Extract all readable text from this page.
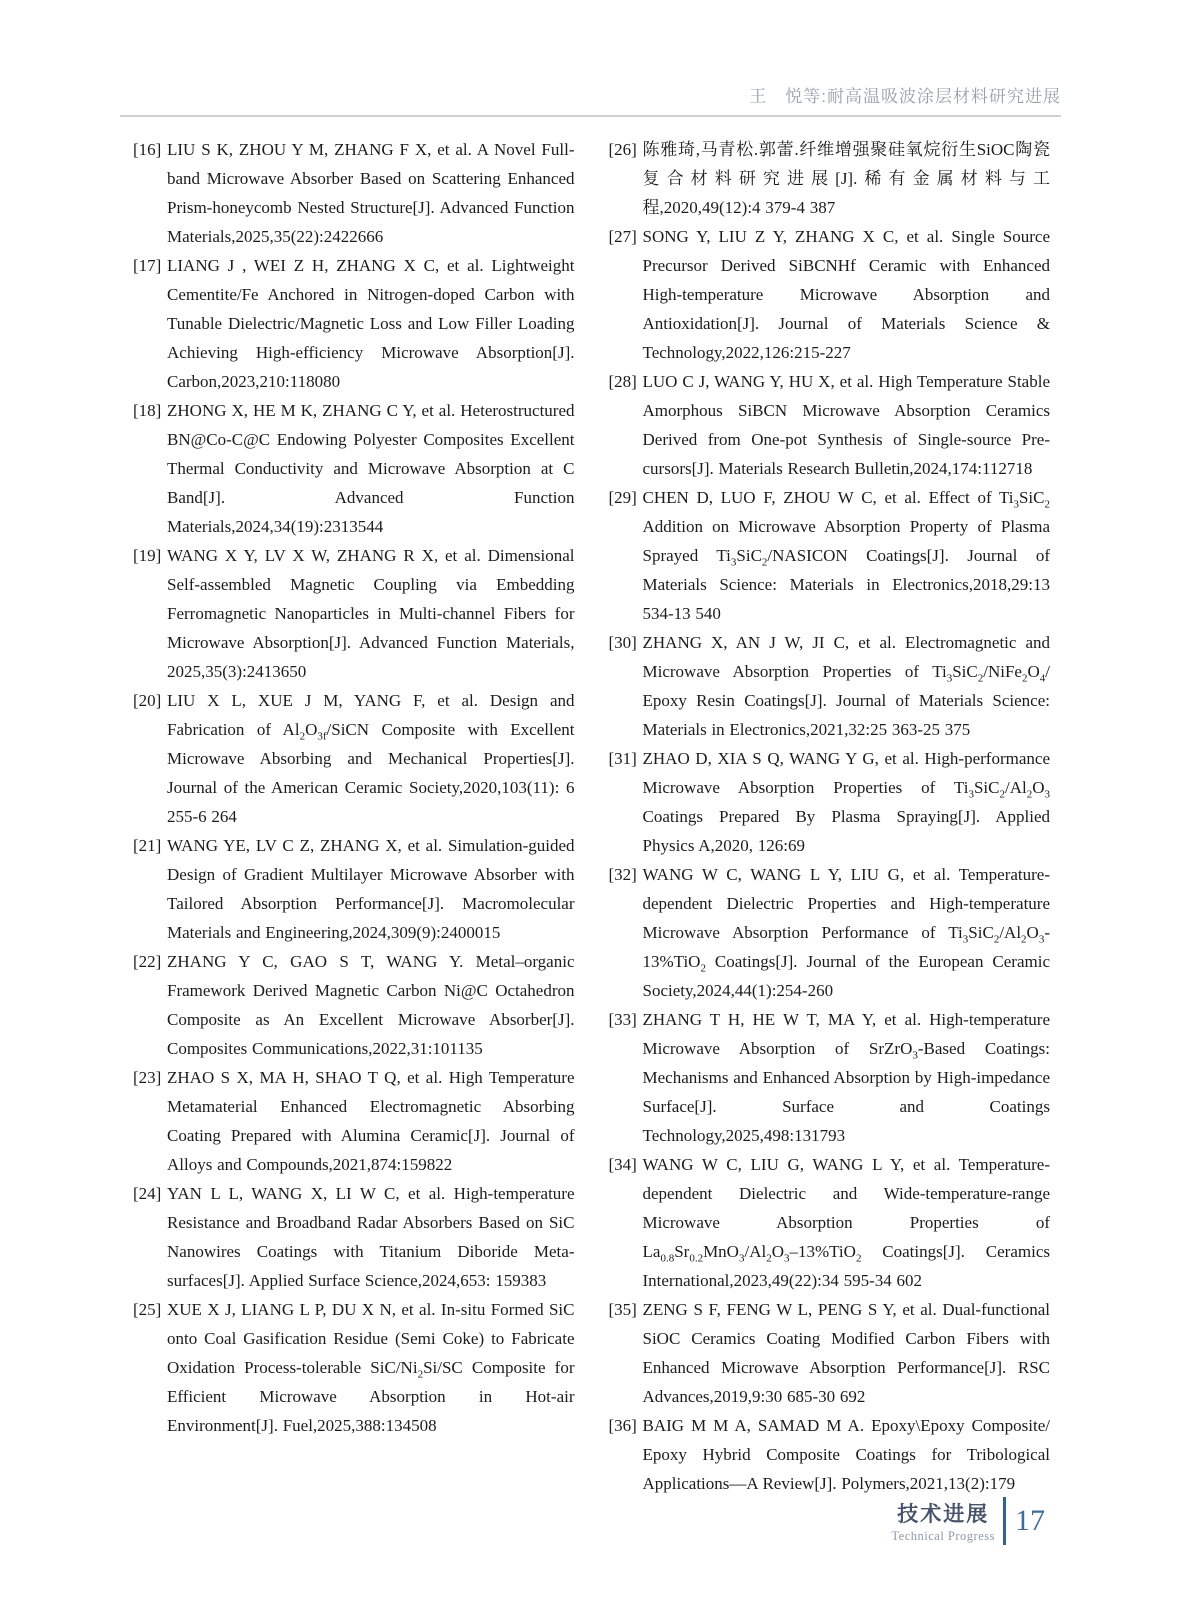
王　悦等:耐高温吸波涂层材料研究进展
[16] LIU S K, ZHOU Y M, ZHANG F X, et al. A Novel Full-band Microwave Absorber Based on Scattering Enhanced Prism-honeycomb Nested Structure[J]. Advanced Function Materials,2025,35(22):2422666
[17] LIANG J , WEI Z H, ZHANG X C, et al. Lightweight Cementite/Fe Anchored in Nitrogen-doped Carbon with Tunable Dielectric/Magnetic Loss and Low Filler Loading Achieving High-efficiency Microwave Absorption[J]. Carbon,2023,210:118080
[18] ZHONG X, HE M K, ZHANG C Y, et al. Heterostructured BN@Co-C@C Endowing Polyester Composites Excellent Thermal Conductivity and Microwave Absorption at C Band[J]. Advanced Function Materials,2024,34(19):2313544
[19] WANG X Y, LV X W, ZHANG R X, et al. Dimensional Self-assembled Magnetic Coupling via Embedding Ferromagnetic Nanoparticles in Multi-channel Fibers for Microwave Absorption[J]. Advanced Function Materials, 2025,35(3):2413650
[20] LIU X L, XUE J M, YANG F, et al. Design and Fabrication of $Al_2O_{3f}$/SiCN Composite with Excellent Microwave Absorbing and Mechanical Properties[J]. Journal of the American Ceramic Society,2020,103(11): 6 255-6 264
[21] WANG YE, LV C Z, ZHANG X, et al. Simulation-guided Design of Gradient Multilayer Microwave Absorber with Tailored Absorption Performance[J]. Macromolecular Materials and Engineering,2024,309(9):2400015
[22] ZHANG Y C, GAO S T, WANG Y. Metal–organic Framework Derived Magnetic Carbon Ni@C Octahedron Composite as An Excellent Microwave Absorber[J]. Composites Communications,2022,31:101135
[23] ZHAO S X, MA H, SHAO T Q, et al. High Temperature Metamaterial Enhanced Electromagnetic Absorbing Coating Prepared with Alumina Ceramic[J]. Journal of Alloys and Compounds,2021,874:159822
[24] YAN L L, WANG X, LI W C, et al. High-temperature Resistance and Broadband Radar Absorbers Based on SiC Nanowires Coatings with Titanium Diboride Meta-surfaces[J]. Applied Surface Science,2024,653: 159383
[25] XUE X J, LIANG L P, DU X N, et al. In-situ Formed SiC onto Coal Gasification Residue (Semi Coke) to Fabricate Oxidation Process-tolerable SiC/$Ni_2Si/SC$ Composite for Efficient Microwave Absorption in Hot-air Environment[J]. Fuel,2025,388:134508
[26] 陈雅琦,马青松.郭蕾.纤维增强聚硅氧烷衍生SiOC陶瓷复合材料研究进展[J].稀有金属材料与工程,2020,49(12):4 379-4 387
[27] SONG Y, LIU Z Y, ZHANG X C, et al. Single Source Precursor Derived SiBCNHf Ceramic with Enhanced High-temperature Microwave Absorption and Antioxidation[J]. Journal of Materials Science & Technology,2022,126:215-227
[28] LUO C J, WANG Y, HU X, et al. High Temperature Stable Amorphous SiBCN Microwave Absorption Ceramics Derived from One-pot Synthesis of Single-source Pre-cursors[J]. Materials Research Bulletin,2024,174:112718
[29] CHEN D, LUO F, ZHOU W C, et al. Effect of $Ti_3SiC_2$ Addition on Microwave Absorption Property of Plasma Sprayed $Ti_3SiC_2$/NASICON Coatings[J]. Journal of Materials Science: Materials in Electronics,2018,29:13 534-13 540
[30] ZHANG X, AN J W, JI C, et al. Electromagnetic and Microwave Absorption Properties of $Ti_3SiC_2/NiFe_2O_4/$ Epoxy Resin Coatings[J]. Journal of Materials Science: Materials in Electronics,2021,32:25 363-25 375
[31] ZHAO D, XIA S Q, WANG Y G, et al. High-performance Microwave Absorption Properties of $Ti_3SiC_2/Al_2O_3$ Coatings Prepared By Plasma Spraying[J]. Applied Physics A,2020, 126:69
[32] WANG W C, WANG L Y, LIU G, et al. Temperature-dependent Dielectric Properties and High-temperature Microwave Absorption Performance of $Ti_3SiC_2/Al_2O_3-13\%TiO_2$ Coatings[J]. Journal of the European Ceramic Society,2024,44(1):254-260
[33] ZHANG T H, HE W T, MA Y, et al. High-temperature Microwave Absorption of SrZrO$_3$-Based Coatings: Mechanisms and Enhanced Absorption by High-impedance Surface[J]. Surface and Coatings Technology,2025,498:131793
[34] WANG W C, LIU G, WANG L Y, et al. Temperature-dependent Dielectric and Wide-temperature-range Microwave Absorption Properties of $La_{0.8}Sr_{0.2}MnO_3/Al_2O_3-13\%TiO_2$ Coatings[J]. Ceramics International,2023,49(22):34 595-34 602
[35] ZENG S F, FENG W L, PENG S Y, et al. Dual-functional SiOC Ceramics Coating Modified Carbon Fibers with Enhanced Microwave Absorption Performance[J]. RSC Advances,2019,9:30 685-30 692
[36] BAIG M M A, SAMAD M A. Epoxy\Epoxy Composite/ Epoxy Hybrid Composite Coatings for Tribological Applications—A Review[J]. Polymers,2021,13(2):179
技术进展
Technical Progress 17
